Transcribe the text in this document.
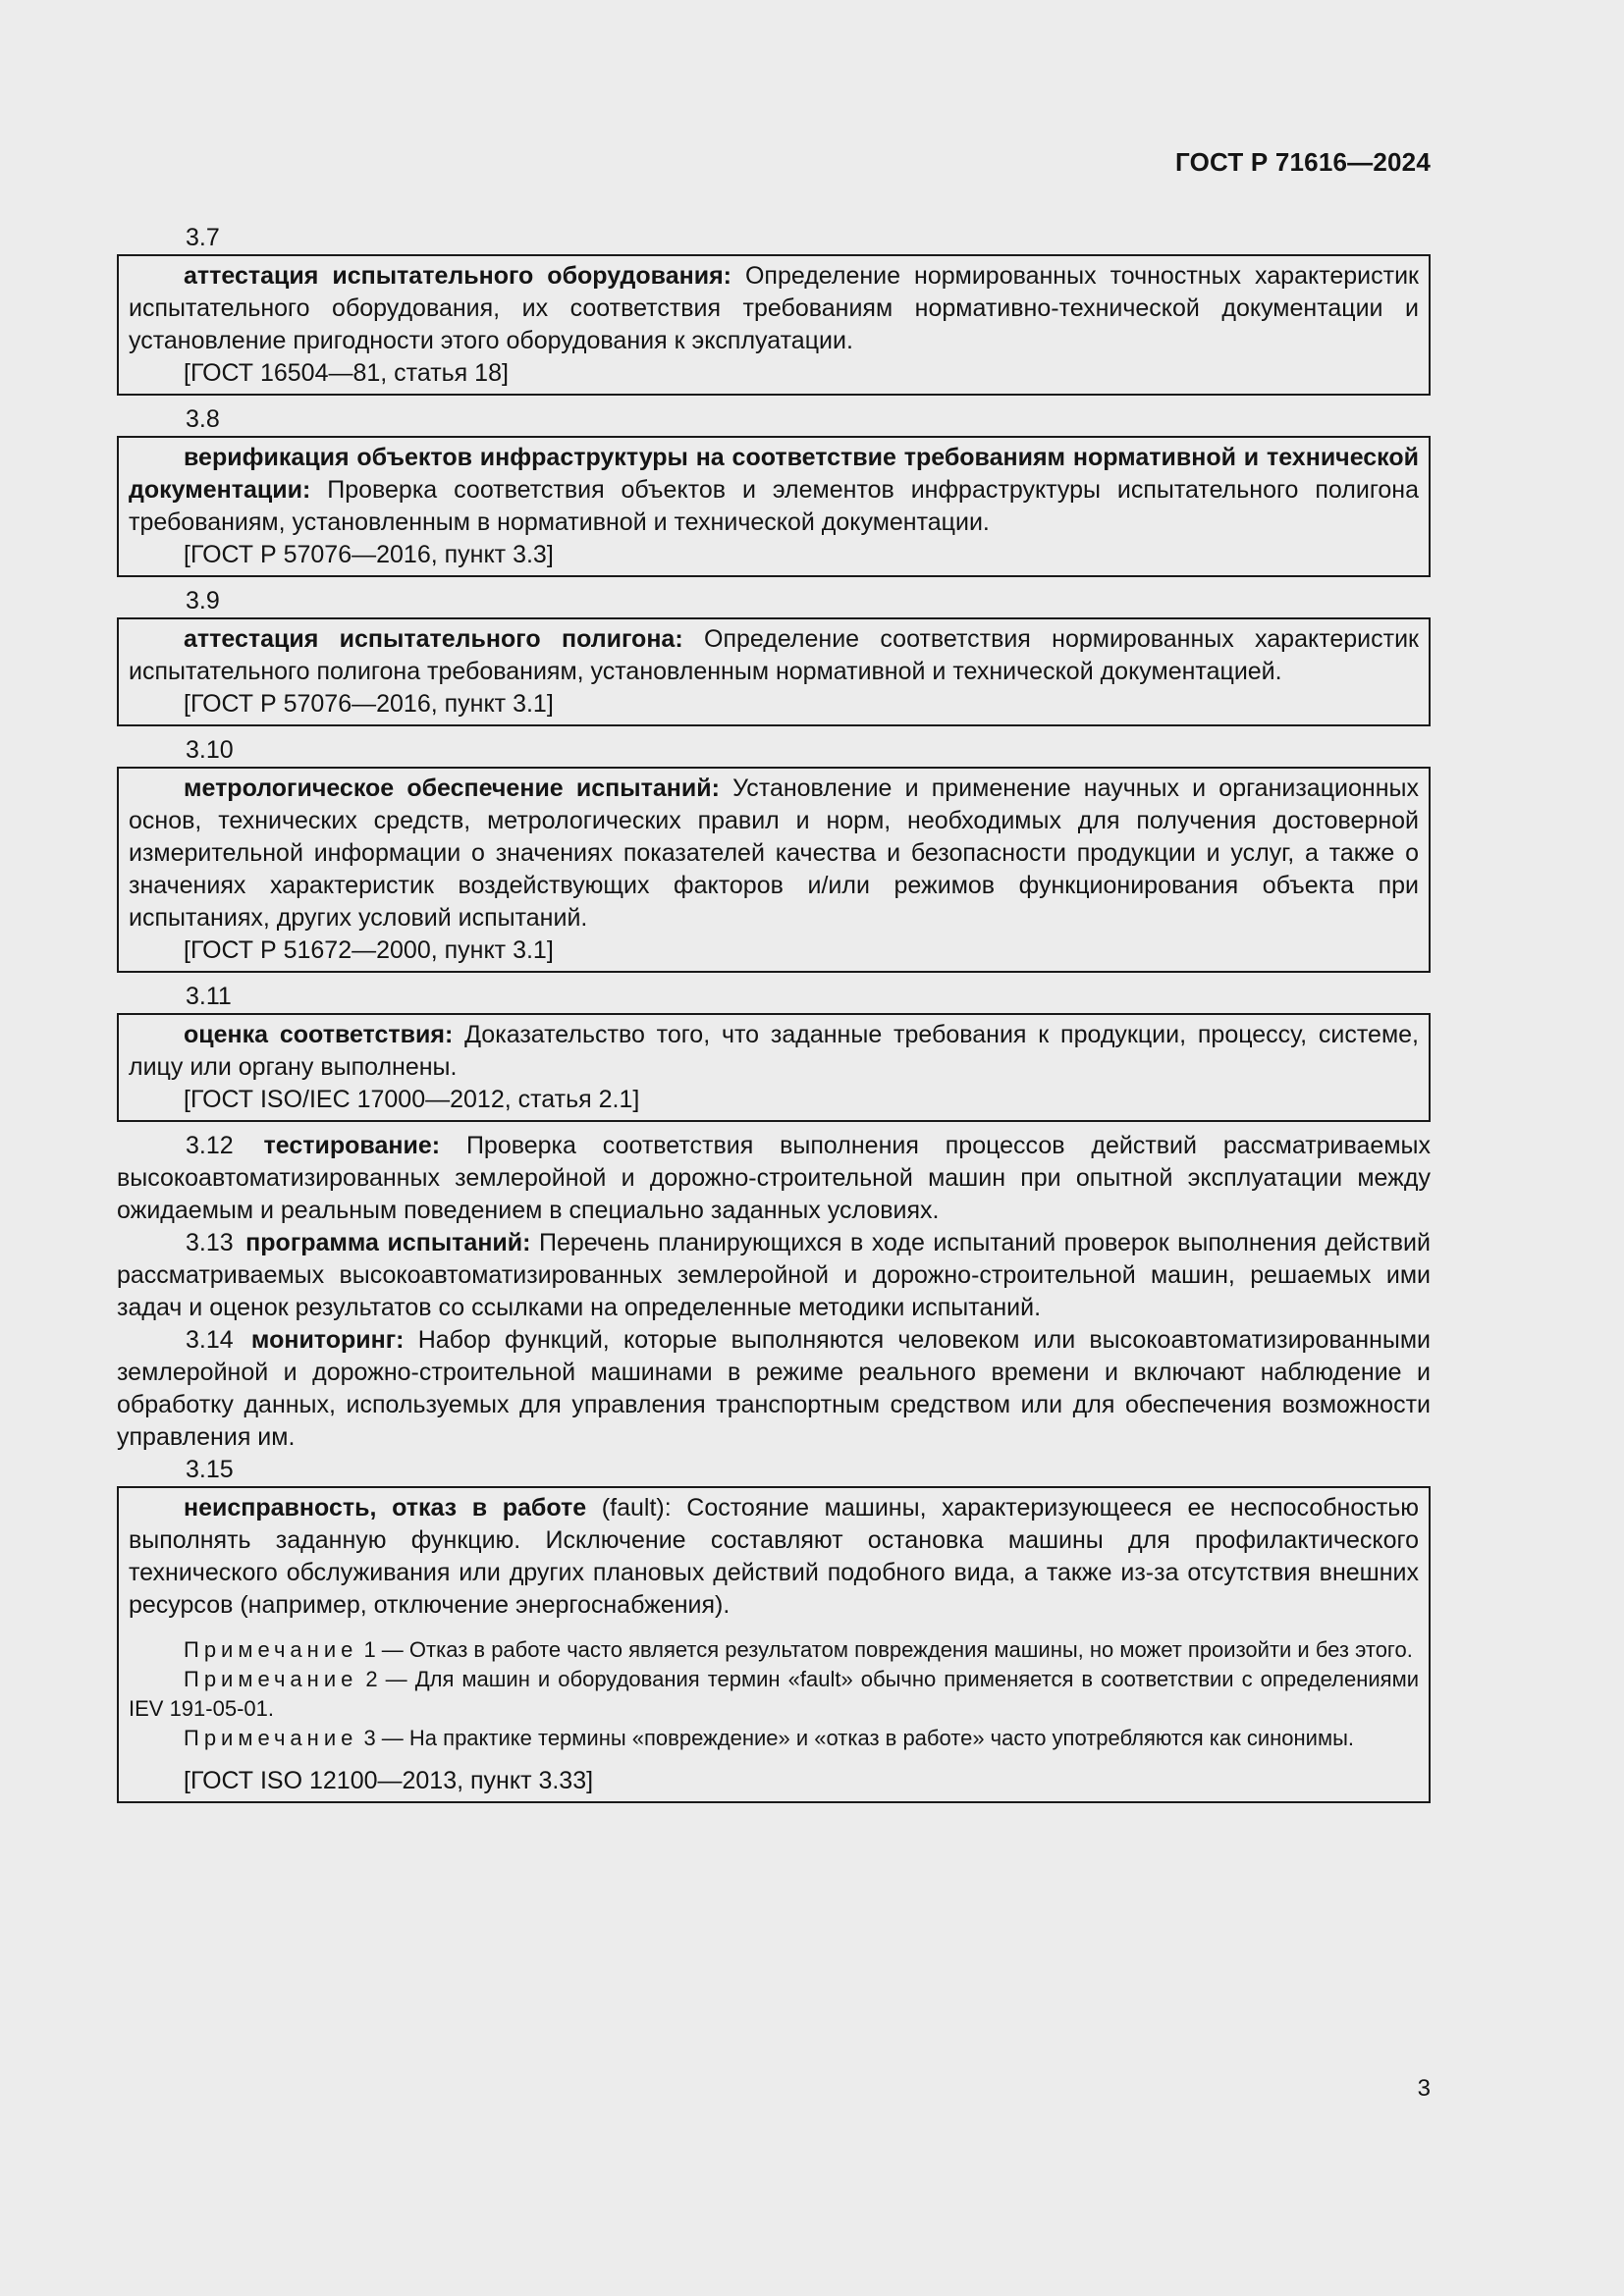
ГОСТ Р 71616—2024
3.7

аттестация испытательного оборудования: Определение нормированных точностных характеристик испытательного оборудования, их соответствия требованиям нормативно-технической документации и установление пригодности этого оборудования к эксплуатации.

[ГОСТ 16504—81, статья 18]

3.8

верификация объектов инфраструктуры на соответствие требованиям нормативной и технической документации: Проверка соответствия объектов и элементов инфраструктуры испытательного полигона требованиям, установленным в нормативной и технической документации.

[ГОСТ Р 57076—2016, пункт 3.3]

3.9

аттестация испытательного полигона: Определение соответствия нормированных характеристик испытательного полигона требованиям, установленным нормативной и технической документацией.

[ГОСТ Р 57076—2016, пункт 3.1]

3.10

метрологическое обеспечение испытаний: Установление и применение научных и организационных основ, технических средств, метрологических правил и норм, необходимых для получения достоверной измерительной информации о значениях показателей качества и безопасности продукции и услуг, а также о значениях характеристик воздействующих факторов и/или режимов функционирования объекта при испытаниях, других условий испытаний.

[ГОСТ Р 51672—2000, пункт 3.1]

3.11

оценка соответствия: Доказательство того, что заданные требования к продукции, процессу, системе, лицу или органу выполнены.

[ГОСТ ISO/IEC 17000—2012, статья 2.1]

3.12 тестирование: Проверка соответствия выполнения процессов действий рассматриваемых высокоавтоматизированных землеройной и дорожно-строительной машин при опытной эксплуатации между ожидаемым и реальным поведением в специально заданных условиях.

3.13 программа испытаний: Перечень планирующихся в ходе испытаний проверок выполнения действий рассматриваемых высокоавтоматизированных землеройной и дорожно-строительной машин, решаемых ими задач и оценок результатов со ссылками на определенные методики испытаний.

3.14 мониторинг: Набор функций, которые выполняются человеком или высокоавтоматизированными землеройной и дорожно-строительной машинами в режиме реального времени и включают наблюдение и обработку данных, используемых для управления транспортным средством или для обеспечения возможности управления им.

3.15

неисправность, отказ в работе (fault): Состояние машины, характеризующееся ее неспособностью выполнять заданную функцию. Исключение составляют остановка машины для профилактического технического обслуживания или других плановых действий подобного вида, а также из-за отсутствия внешних ресурсов (например, отключение энергоснабжения).

Примечание 1 — Отказ в работе часто является результатом повреждения машины, но может произойти и без этого.

Примечание 2 — Для машин и оборудования термин «fault» обычно применяется в соответствии с определениями IEV 191-05-01.

Примечание 3 — На практике термины «повреждение» и «отказ в работе» часто употребляются как синонимы.

[ГОСТ ISO 12100—2013, пункт 3.33]

3
